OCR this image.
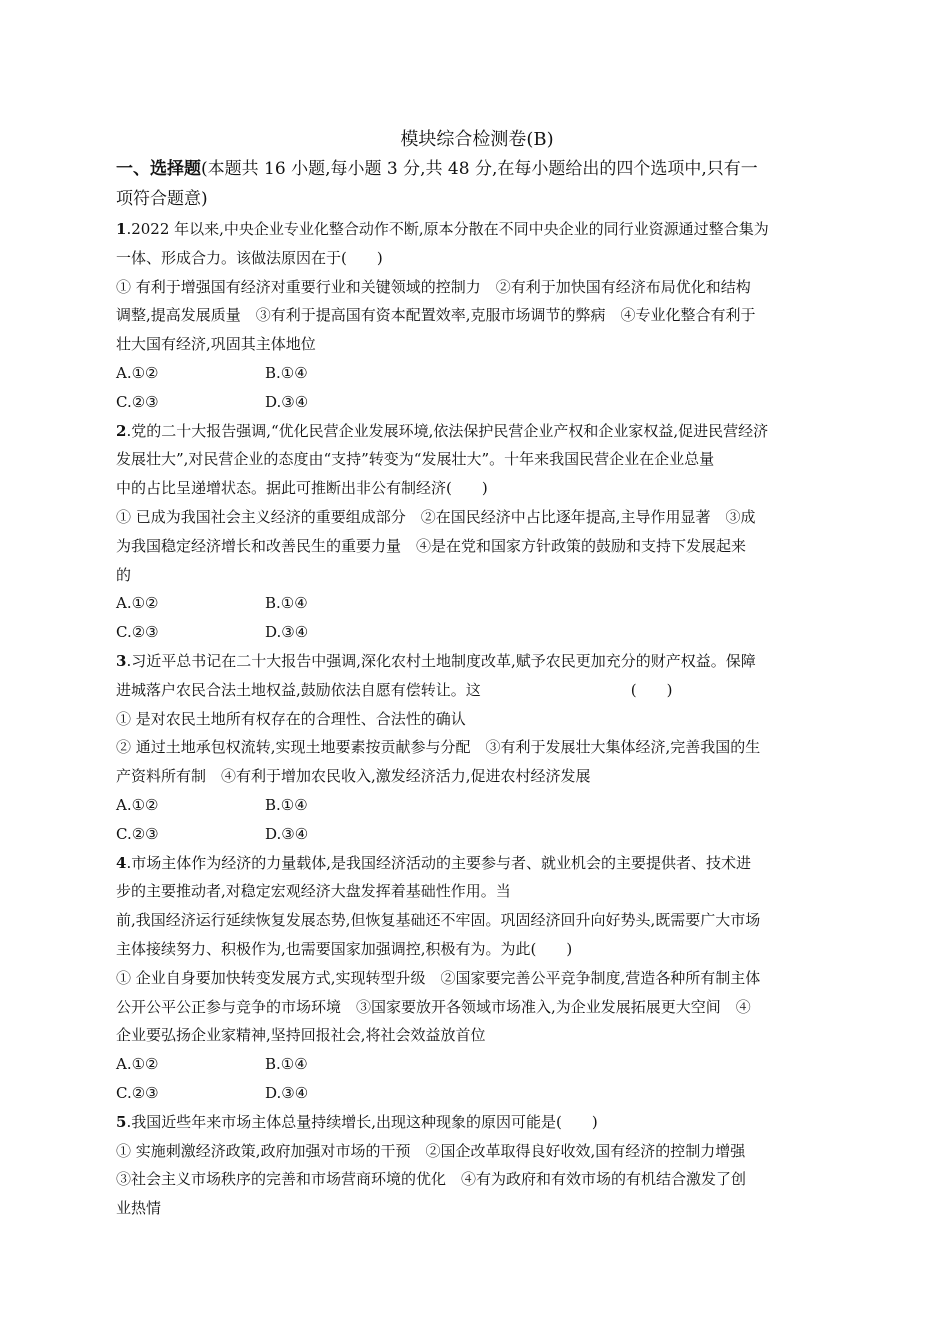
模块综合检测卷(B)
一、选择题(本题共 16 小题,每小题 3 分,共 48 分,在每小题给出的四个选项中,只有一
项符合题意)
1.2022 年以来,中央企业专业化整合动作不断,原本分散在不同中央企业的同行业资源通过整合集为
一体、形成合力。该做法原因在于(　　)
① 有利于增强国有经济对重要行业和关键领域的控制力　②有利于加快国有经济布局优化和结构
调整,提高发展质量　③有利于提高国有资本配置效率,克服市场调节的弊病　④专业化整合有利于
壮大国有经济,巩固其主体地位
A.①②	B.①④
C.②③	D.③④
2.党的二十大报告强调,“优化民营企业发展环境,依法保护民营企业产权和企业家权益,促进民营经济
发展壮大”,对民营企业的态度由“支持”转变为“发展壮大”。十年来我国民营企业在企业总量
中的占比呈递增状态。据此可推断出非公有制经济(　　)
① 已成为我国社会主义经济的重要组成部分　②在国民经济中占比逐年提高,主导作用显著　③成
为我国稳定经济增长和改善民生的重要力量　④是在党和国家方针政策的鼓励和支持下发展起来
的
A.①②	B.①④
C.②③	D.③④
3.习近平总书记在二十大报告中强调,深化农村土地制度改革,赋予农民更加充分的财产权益。保障
进城落户农民合法土地权益,鼓励依法自愿有偿转让。这　　　　　　　　　　(　　)
① 是对农民土地所有权存在的合理性、合法性的确认
② 通过土地承包权流转,实现土地要素按贡献参与分配　③有利于发展壮大集体经济,完善我国的生
产资料所有制　④有利于增加农民收入,激发经济活力,促进农村经济发展
A.①②	B.①④
C.②③	D.③④
4.市场主体作为经济的力量载体,是我国经济活动的主要参与者、就业机会的主要提供者、技术进
步的主要推动者,对稳定宏观经济大盘发挥着基础性作用。当
前,我国经济运行延续恢复发展态势,但恢复基础还不牢固。巩固经济回升向好势头,既需要广大市场
主体接续努力、积极作为,也需要国家加强调控,积极有为。为此(　　)
① 企业自身要加快转变发展方式,实现转型升级　②国家要完善公平竞争制度,营造各种所有制主体
公开公平公正参与竞争的市场环境　③国家要放开各领域市场准入,为企业发展拓展更大空间　④
企业要弘扬企业家精神,坚持回报社会,将社会效益放首位
A.①②	B.①④
C.②③	D.③④
5.我国近些年来市场主体总量持续增长,出现这种现象的原因可能是(　　)
① 实施刺激经济政策,政府加强对市场的干预　②国企改革取得良好收效,国有经济的控制力增强
③社会主义市场秩序的完善和市场营商环境的优化　④有为政府和有效市场的有机结合激发了创
业热情
